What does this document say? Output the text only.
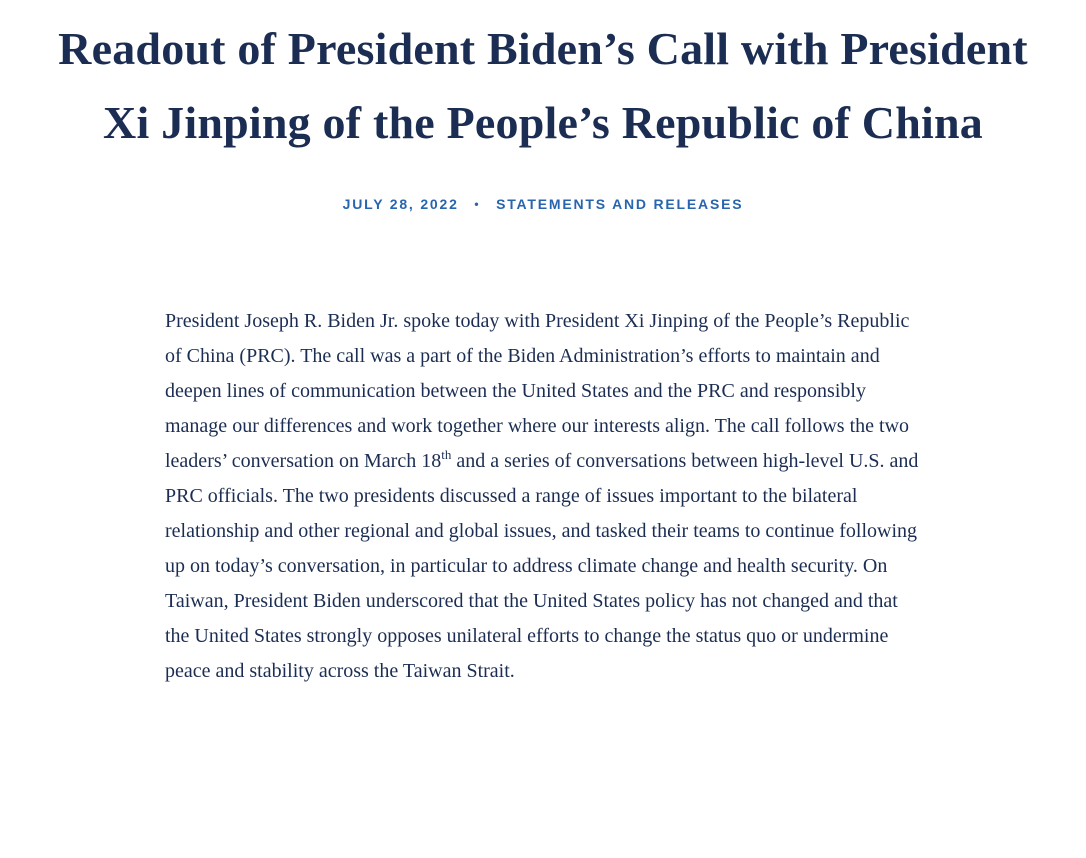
Readout of President Biden’s Call with President Xi Jinping of the People’s Republic of China
JULY 28, 2022 • STATEMENTS AND RELEASES

President Joseph R. Biden Jr. spoke today with President Xi Jinping of the People’s Republic of China (PRC). The call was a part of the Biden Administration’s efforts to maintain and deepen lines of communication between the United States and the PRC and responsibly manage our differences and work together where our interests align. The call follows the two leaders’ conversation on March 18th and a series of conversations between high-level U.S. and PRC officials. The two presidents discussed a range of issues important to the bilateral relationship and other regional and global issues, and tasked their teams to continue following up on today’s conversation, in particular to address climate change and health security. On Taiwan, President Biden underscored that the United States policy has not changed and that the United States strongly opposes unilateral efforts to change the status quo or undermine peace and stability across the Taiwan Strait.
